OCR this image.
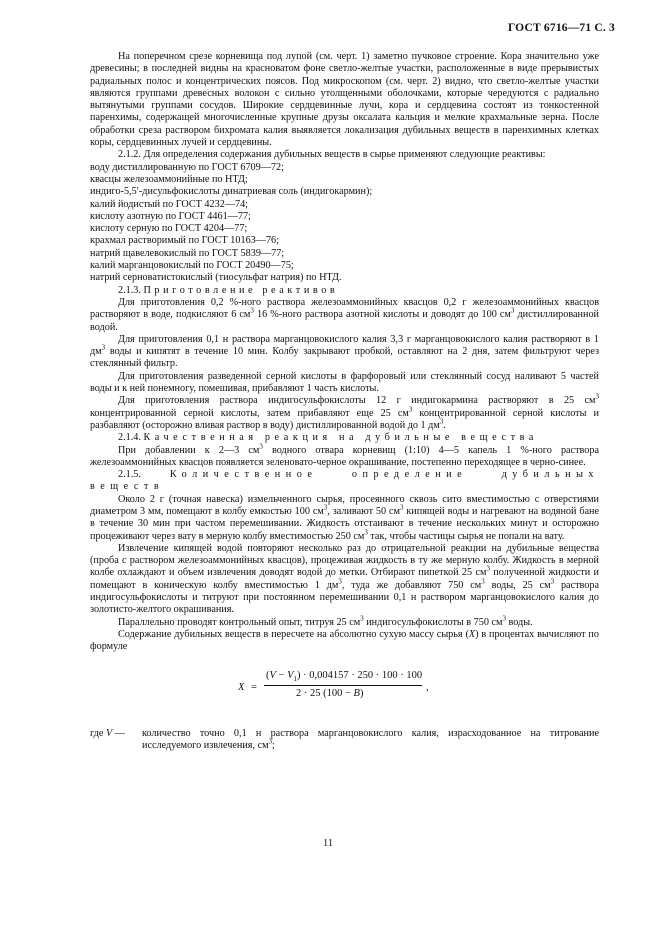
ГОСТ 6716—71 С. 3

На поперечном срезе корневища под лупой (см. черт. 1) заметно пучковое строение. Кора значительно уже древесины; в последней видны на красноватом фоне светло-желтые участки, расположенные в виде прерывистых радиальных полос и концентрических поясов. Под микроскопом (см. черт. 2) видно, что светло-желтые участки являются группами древесных волокон с сильно утолщенными оболочками, которые чередуются с радиально вытянутыми группами сосудов. Широкие сердцевинные лучи, кора и сердцевина состоят из тонкостенной паренхимы, содержащей многочисленные крупные друзы оксалата кальция и мелкие крахмальные зерна. После обработки среза раствором бихромата калия выявляется локализация дубильных веществ в паренхимных клетках коры, сердцевинных лучей и сердцевины.

2.1.2. Для определения содержания дубильных веществ в сырье применяют следующие реактивы:

воду дистиллированную по ГОСТ 6709—72;

квасцы железоаммонийные по НТД;

индиго-5,5′-дисульфокислоты динатриевая соль (индигокармин);

калий йодистый по ГОСТ 4232—74;

кислоту азотную по ГОСТ 4461—77;

кислоту серную по ГОСТ 4204—77;

крахмал растворимый по ГОСТ 10163—76;

натрий щавелевокислый по ГОСТ 5839—77;

калий марганцовокислый по ГОСТ 20490—75;

натрий серноватистокислый (тиосульфат натрия) по НТД.

2.1.3. Приготовление реактивов

Для приготовления 0,2 %-ного раствора железоаммонийных квасцов 0,2 г железоаммонийных квасцов растворяют в воде, подкисляют 6 $см^3$ 16 %-ного раствора азотной кислоты и доводят до 100 $см^3$ дистиллированной водой.

Для приготовления 0,1 н раствора марганцовокислого калия 3,3 г марганцовокислого калия растворяют в 1 $дм^3$ воды и кипятят в течение 10 мин. Колбу закрывают пробкой, оставляют на 2 дня, затем фильтруют через стеклянный фильтр.

Для приготовления разведенной серной кислоты в фарфоровый или стеклянный сосуд наливают 5 частей воды и к ней понемногу, помешивая, прибавляют 1 часть кислоты.

Для приготовления раствора индигосульфокислоты 12 г индигокармина растворяют в 25 $см^3$ концентрированной серной кислоты, затем прибавляют еще 25 $см^3$ концентрированной серной кислоты и разбавляют (осторожно вливая раствор в воду) дистиллированной водой до 1 $дм^3$.

2.1.4. Качественная реакция на дубильные вещества

При добавлении к 2—3 $см^3$ водного отвара корневищ (1:10) 4—5 капель 1 %-ного раствора железоаммонийных квасцов появляется зеленовато-черное окрашивание, постепенно переходящее в черно-синее.

2.1.5.	Количественное определение дубильных веществ

Около 2 г (точная навеска) измельченного сырья, просеянного сквозь сито вместимостью с отверстиями диаметром 3 мм, помещают в колбу емкостью 100 $см^3$, заливают 50 $см^3$ кипящей воды и нагревают на водяной бане в течение 30 мин при частом перемешивании. Жидкость отстаивают в течение нескольких минут и осторожно процеживают через вату в мерную колбу вместимостью 250 $см^3$ так, чтобы частицы сырья не попали на вату.

Извлечение кипящей водой повторяют несколько раз до отрицательной реакции на дубильные вещества (проба с раствором железоаммонийных квасцов), процеживая жидкость в ту же мерную колбу. Жидкость в мерной колбе охлаждают и объем извлечения доводят водой до метки. Отбирают пипеткой 25 $см^3$ полученной жидкости и помещают в коническую колбу вместимостью 1 $дм^3$, туда же добавляют 750 $см^3$ воды, 25 $см^3$ раствора индигосульфокислоты и титруют при постоянном перемешивании 0,1 н раствором марганцовокислого калия до золотисто-желтого окрашивания.

Параллельно проводят контрольный опыт, титруя 25 $см^3$ индигосульфокислоты в 750 $см^3$ воды.

Содержание дубильных веществ в пересчете на абсолютно сухую массу сырья (X) в процентах вычисляют по формуле

X =
$(V - V_1) \cdot 0,004157 \cdot 250 \cdot 100 \cdot 100$
2 · 25 (100 − B)
,

где V — количество точно 0,1 н раствора марганцовокислого калия, израсходованное на титрование исследуемого извлечения, $см^3$;

11
